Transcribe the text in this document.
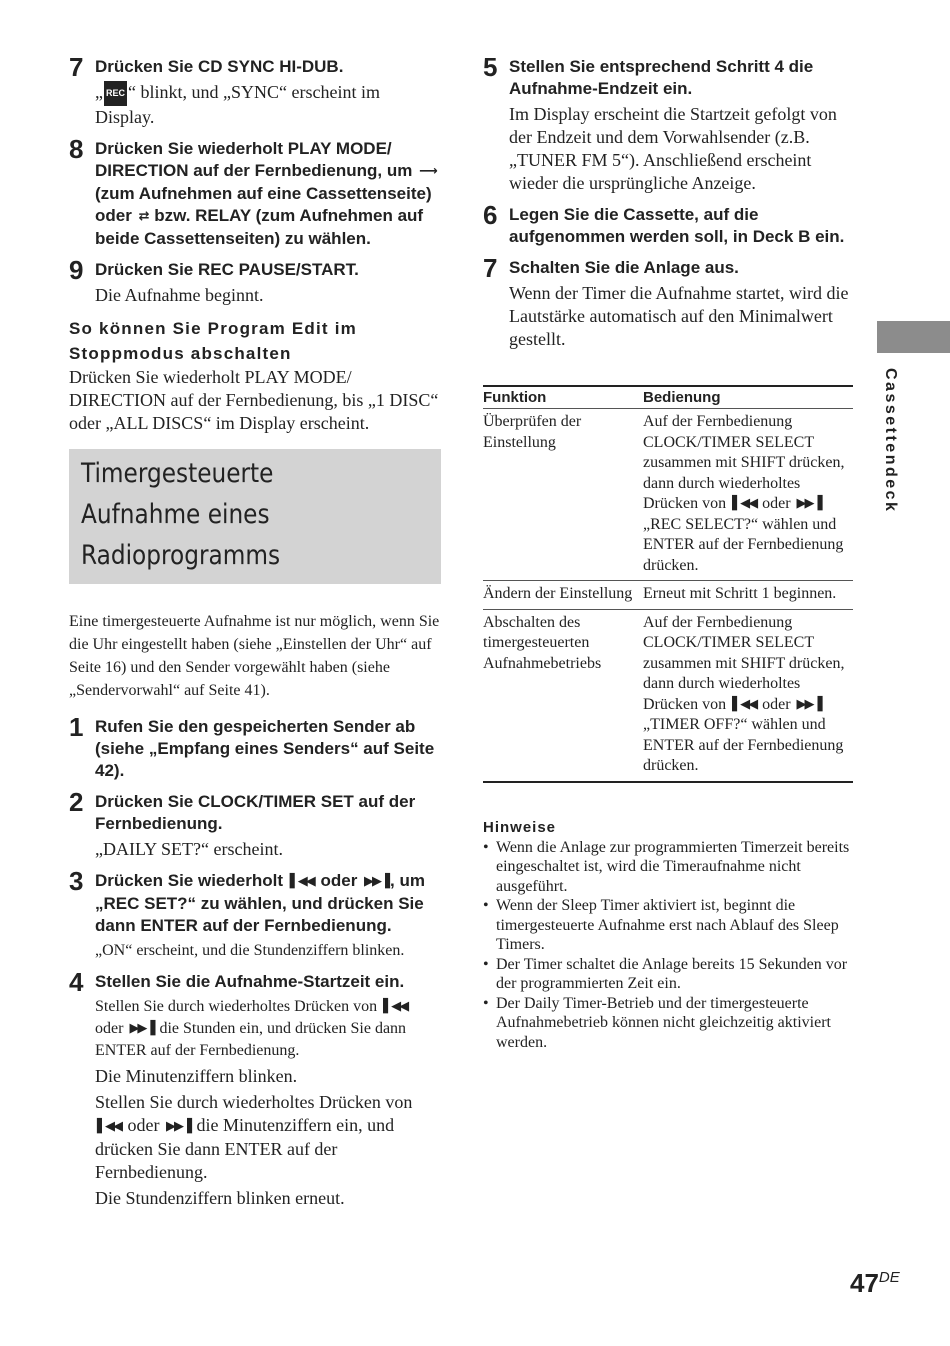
7 Drücken Sie CD SYNC HI-DUB.
„ REC “ blinkt, und „SYNC“ erscheint im Display.
8 Drücken Sie wiederholt PLAY MODE/ DIRECTION auf der Fernbedienung, um ⟶ (zum Aufnehmen auf eine Cassettenseite) oder ⇄ bzw. RELAY (zum Aufnehmen auf beide Cassettenseiten) zu wählen.
9 Drücken Sie REC PAUSE/START.
Die Aufnahme beginnt.
So können Sie Program Edit im Stoppmodus abschalten
Drücken Sie wiederholt PLAY MODE/ DIRECTION auf der Fernbedienung, bis „1 DISC“ oder „ALL DISCS“ im Display erscheint.
Timergesteuerte
Aufnahme eines
Radioprogramms
Eine timergesteuerte Aufnahme ist nur möglich, wenn Sie die Uhr eingestellt haben (siehe „Einstellen der Uhr“ auf Seite 16) und den Sender vorgewählt haben (siehe „Sendervorwahl“ auf Seite 41).
1 Rufen Sie den gespeicherten Sender ab (siehe „Empfang eines Senders“ auf Seite 42).
2 Drücken Sie CLOCK/TIMER SET auf der Fernbedienung.
„DAILY SET?“ erscheint.
3 Drücken Sie wiederholt ▌◀◀ oder ▶▶▐ , um „REC SET?“ zu wählen, und drücken Sie dann ENTER auf der Fernbedienung.
„ON“ erscheint, und die Stundenziffern blinken.
4 Stellen Sie die Aufnahme-Startzeit ein.
Stellen Sie durch wiederholtes Drücken von ▌◀◀ oder ▶▶▐ die Stunden ein, und drücken Sie dann ENTER auf der Fernbedienung.
Die Minutenziffern blinken.
Stellen Sie durch wiederholtes Drücken von ▌◀◀ oder ▶▶▐ die Minutenziffern ein, und drücken Sie dann ENTER auf der Fernbedienung.
Die Stundenziffern blinken erneut.
5 Stellen Sie entsprechend Schritt 4 die Aufnahme-Endzeit ein.
Im Display erscheint die Startzeit gefolgt von der Endzeit und dem Vorwahlsender (z.B. „TUNER FM 5“). Anschließend erscheint wieder die ursprüngliche Anzeige.
6 Legen Sie die Cassette, auf die aufgenommen werden soll, in Deck B ein.
7 Schalten Sie die Anlage aus.
Wenn der Timer die Aufnahme startet, wird die Lautstärke automatisch auf den Minimalwert gestellt.
Funktion	Bedienung
Überprüfen der Einstellung	Auf der Fernbedienung CLOCK/TIMER SELECT zusammen mit SHIFT drücken, dann durch wiederholtes Drücken von ▌◀◀ oder ▶▶▐ „REC SELECT?“ wählen und ENTER auf der Fernbedienung drücken.
Ändern der Einstellung	Erneut mit Schritt 1 beginnen.
Abschalten des timergesteuerten Aufnahmebetriebs	Auf der Fernbedienung CLOCK/TIMER SELECT zusammen mit SHIFT drücken, dann durch wiederholtes Drücken von ▌◀◀ oder ▶▶▐ „TIMER OFF?“ wählen und ENTER auf der Fernbedienung drücken.
Hinweise
• Wenn die Anlage zur programmierten Timerzeit bereits eingeschaltet ist, wird die Timeraufnahme nicht ausgeführt.
• Wenn der Sleep Timer aktiviert ist, beginnt die timergesteuerte Aufnahme erst nach Ablauf des Sleep Timers.
• Der Timer schaltet die Anlage bereits 15 Sekunden vor der programmierten Zeit ein.
• Der Daily Timer-Betrieb und der timergesteuerte Aufnahmebetrieb können nicht gleichzeitig aktiviert werden.
Cassettendeck
47DE
